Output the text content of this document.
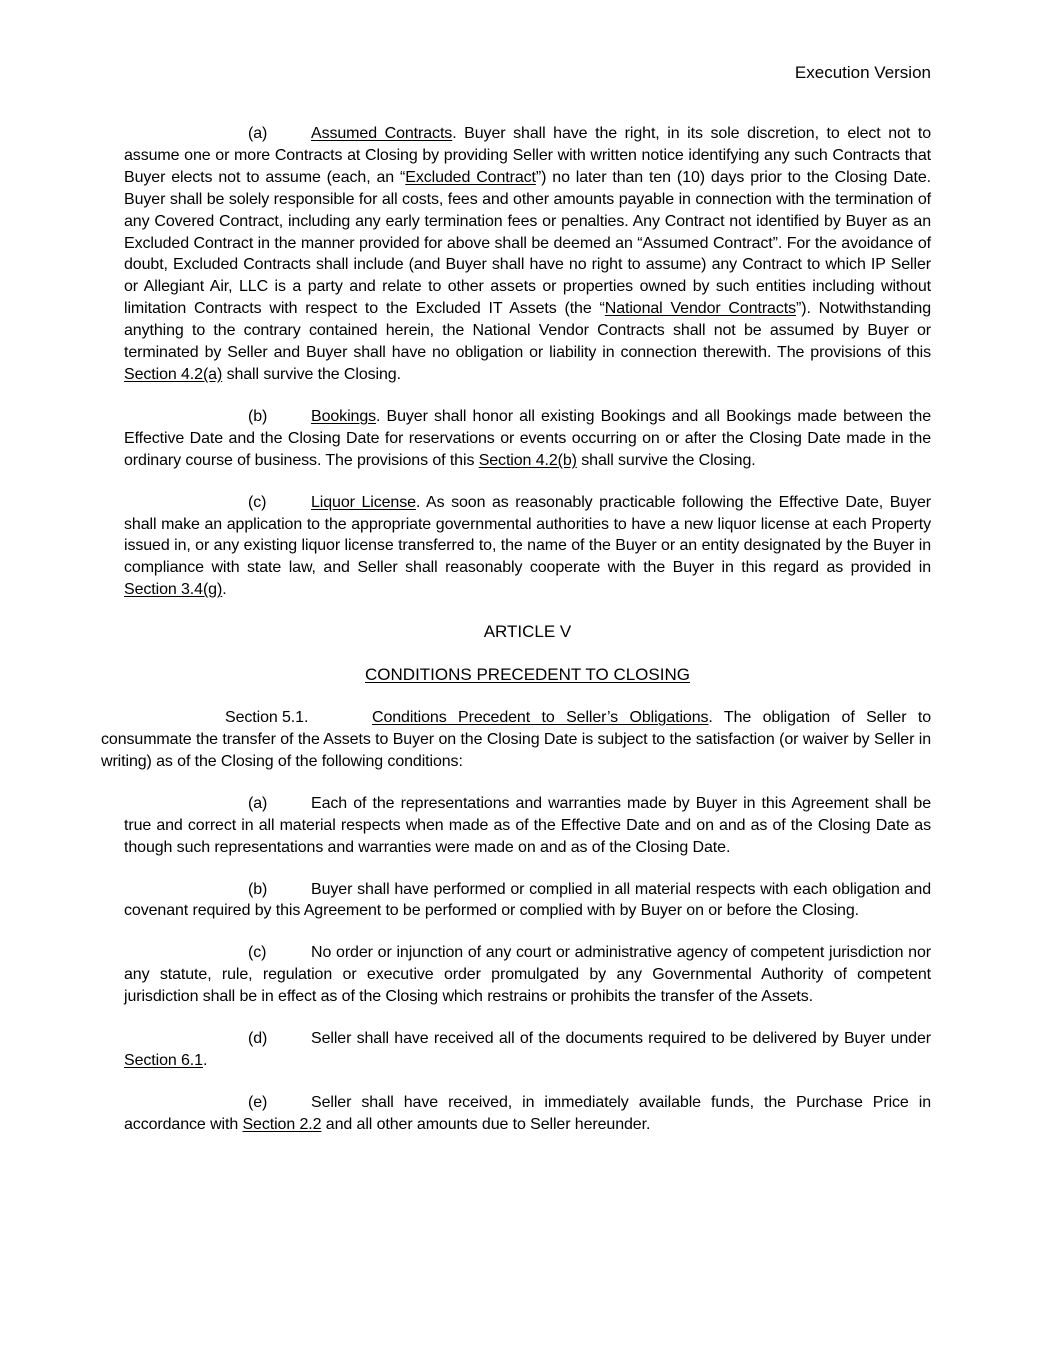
Execution Version

(a)	Assumed Contracts. Buyer shall have the right, in its sole discretion, to elect not to assume one or more Contracts at Closing by providing Seller with written notice identifying any such Contracts that Buyer elects not to assume (each, an “Excluded Contract”) no later than ten (10) days prior to the Closing Date. Buyer shall be solely responsible for all costs, fees and other amounts payable in connection with the termination of any Covered Contract, including any early termination fees or penalties. Any Contract not identified by Buyer as an Excluded Contract in the manner provided for above shall be deemed an “Assumed Contract”. For the avoidance of doubt, Excluded Contracts shall include (and Buyer shall have no right to assume) any Contract to which IP Seller or Allegiant Air, LLC is a party and relate to other assets or properties owned by such entities including without limitation Contracts with respect to the Excluded IT Assets (the “National Vendor Contracts”). Notwithstanding anything to the contrary contained herein, the National Vendor Contracts shall not be assumed by Buyer or terminated by Seller and Buyer shall have no obligation or liability in connection therewith. The provisions of this Section 4.2(a) shall survive the Closing.

(b)	Bookings. Buyer shall honor all existing Bookings and all Bookings made between the Effective Date and the Closing Date for reservations or events occurring on or after the Closing Date made in the ordinary course of business. The provisions of this Section 4.2(b) shall survive the Closing.

(c)	Liquor License. As soon as reasonably practicable following the Effective Date, Buyer shall make an application to the appropriate governmental authorities to have a new liquor license at each Property issued in, or any existing liquor license transferred to, the name of the Buyer or an entity designated by the Buyer in compliance with state law, and Seller shall reasonably cooperate with the Buyer in this regard as provided in Section 3.4(g).

ARTICLE V
CONDITIONS PRECEDENT TO CLOSING

Section 5.1.	Conditions Precedent to Seller’s Obligations. The obligation of Seller to consummate the transfer of the Assets to Buyer on the Closing Date is subject to the satisfaction (or waiver by Seller in writing) as of the Closing of the following conditions:

(a)	Each of the representations and warranties made by Buyer in this Agreement shall be true and correct in all material respects when made as of the Effective Date and on and as of the Closing Date as though such representations and warranties were made on and as of the Closing Date.

(b)	Buyer shall have performed or complied in all material respects with each obligation and covenant required by this Agreement to be performed or complied with by Buyer on or before the Closing.

(c)	No order or injunction of any court or administrative agency of competent jurisdiction nor any statute, rule, regulation or executive order promulgated by any Governmental Authority of competent jurisdiction shall be in effect as of the Closing which restrains or prohibits the transfer of the Assets.

(d)	Seller shall have received all of the documents required to be delivered by Buyer under Section 6.1.

(e)	Seller shall have received, in immediately available funds, the Purchase Price in accordance with Section 2.2 and all other amounts due to Seller hereunder.
